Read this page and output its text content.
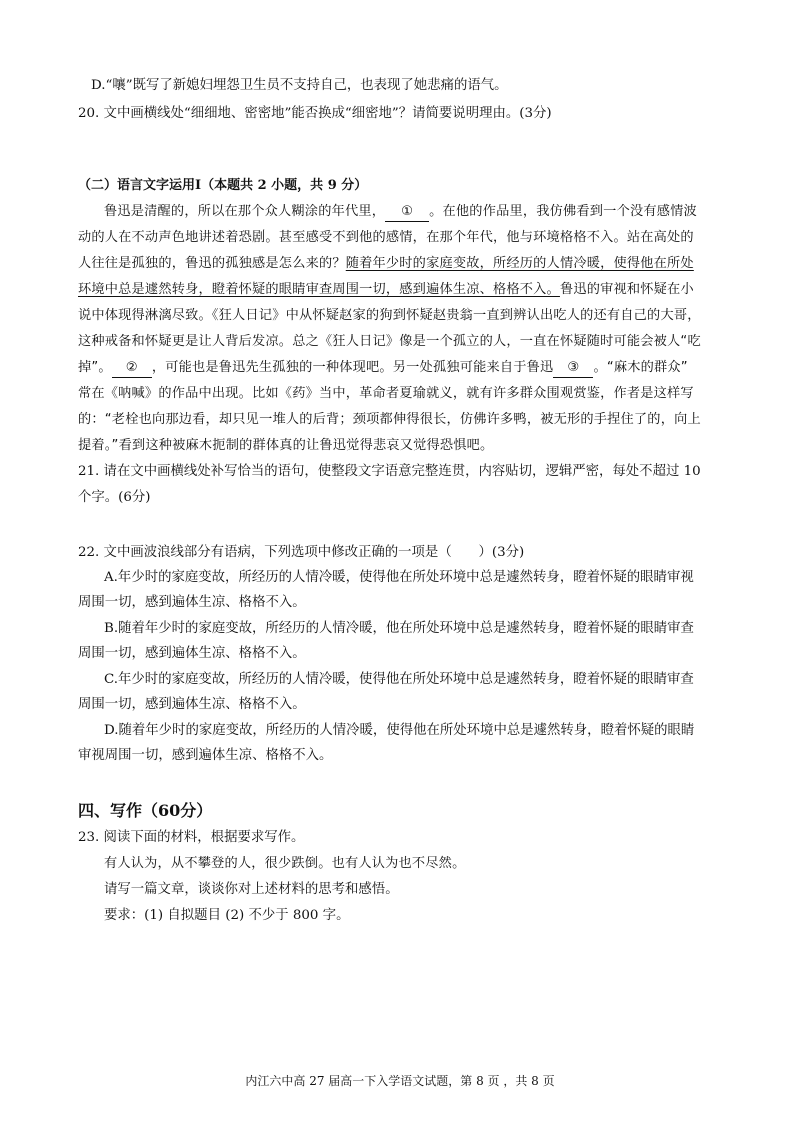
D.“嚷”既写了新媳妇埋怨卫生员不支持自己，也表现了她悲痛的语气。
20. 文中画横线处“细细地、密密地”能否换成“细密地”？请简要说明理由。(3分)
（二）语言文字运用Ⅰ（本题共 2 小题，共 9 分）
鲁迅是清醒的，所以在那个众人糊涂的年代里， ① 。在他的作品里，我仿佛看到一个没有感情波
动的人在不动声色地讲述着恐剧。甚至感受不到他的感情，在那个年代，他与环境格格不入。站在高处的
人往往是孤独的，鲁迅的孤独感是怎么来的？随着年少时的家庭变故，所经历的人情冷暖，使得他在所处
环境中总是遽然转身，瞪着怀疑的眼睛审查周围一切，感到遍体生凉、格格不入。鲁迅的审视和怀疑在小
说中体现得淋漓尽致。《狂人日记》中从怀疑赵家的狗到怀疑赵贵翁一直到辨认出吃人的还有自己的大哥，
这种戒备和怀疑更是让人背后发凉。总之《狂人日记》像是一个孤立的人，一直在怀疑随时可能会被人“吃
掉”。 ② ，可能也是鲁迅先生孤独的一种体现吧。另一处孤独可能来自于鲁迅 ③ 。“麻木的群众”
常在《呐喊》的作品中出现。比如《药》当中，革命者夏瑜就义，就有许多群众围观赏鉴，作者是这样写
的：“老栓也向那边看，却只见一堆人的后背；颈项都伸得很长，仿佛许多鸭，被无形的手捏住了的，向上
提着。”看到这种被麻木扼制的群体真的让鲁迅觉得悲哀又觉得恐惧吧。
21. 请在文中画横线处补写恰当的语句，使整段文字语意完整连贯，内容贴切，逻辑严密，每处不超过 10
个字。(6分)
22. 文中画波浪线部分有语病，下列选项中修改正确的一项是（　　）(3分)
A.年少时的家庭变故，所经历的人情冷暖，使得他在所处环境中总是遽然转身，瞪着怀疑的眼睛审视
周围一切，感到遍体生凉、格格不入。
B.随着年少时的家庭变故，所经历的人情冷暖，他在所处环境中总是遽然转身，瞪着怀疑的眼睛审查
周围一切，感到遍体生凉、格格不入。
C.年少时的家庭变故，所经历的人情冷暖，使得他在所处环境中总是遽然转身，瞪着怀疑的眼睛审查
周围一切，感到遍体生凉、格格不入。
D.随着年少时的家庭变故，所经历的人情冷暖，使得他在所处环境中总是遽然转身，瞪着怀疑的眼睛
审视周围一切，感到遍体生凉、格格不入。
四、写作（60分）
23. 阅读下面的材料，根据要求写作。
有人认为，从不攀登的人，很少跌倒。也有人认为也不尽然。
请写一篇文章，谈谈你对上述材料的思考和感悟。
要求：(1) 自拟题目 (2) 不少于 800 字。
内江六中高 27 届高一下入学语文试题，第 8 页 ，共 8 页
